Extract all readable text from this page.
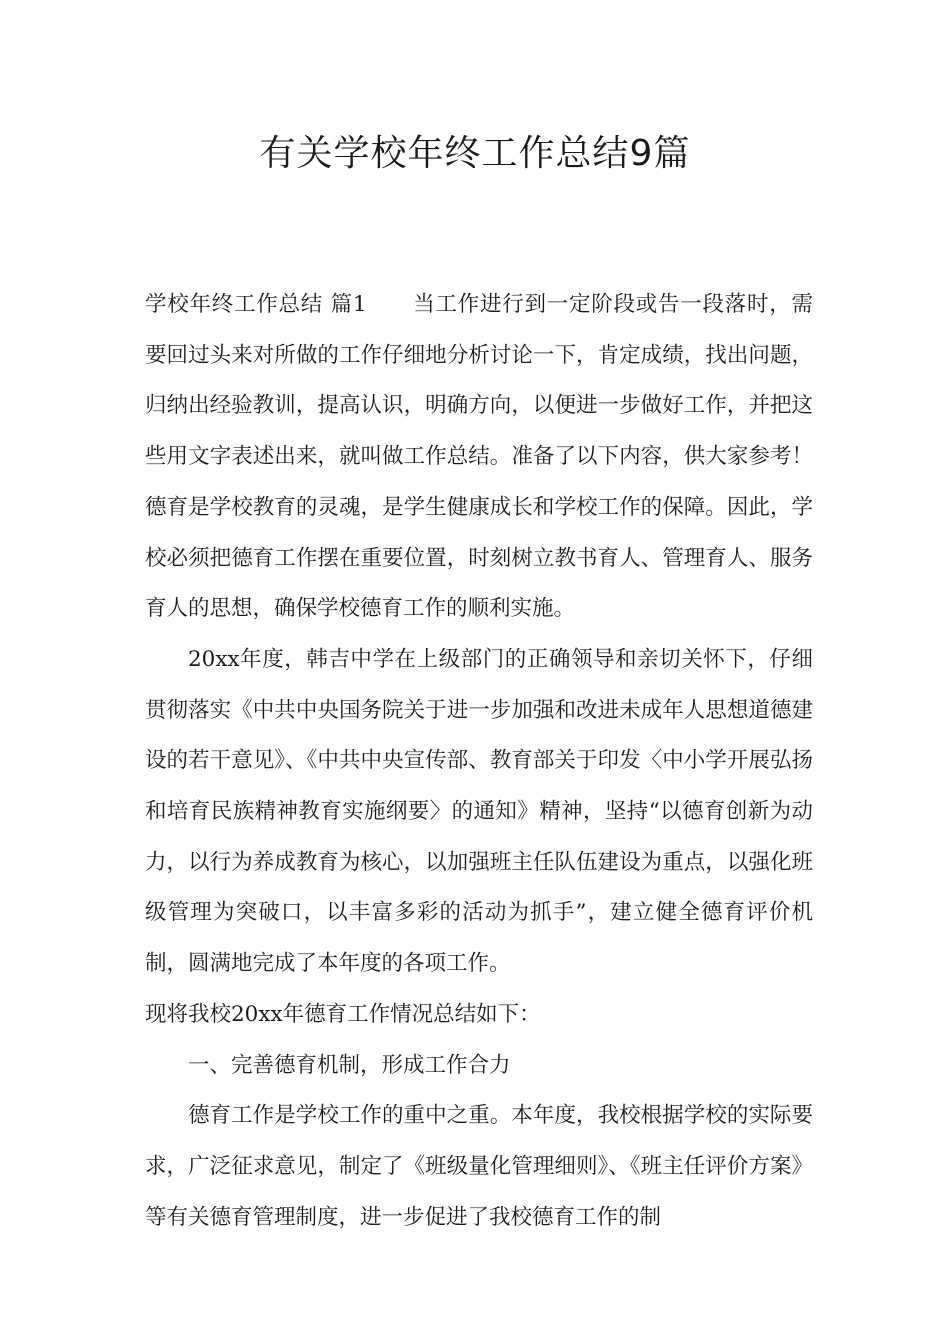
有关学校年终工作总结9篇

学校年终工作总结 篇1 当工作进行到一定阶段或告一段落时，需要回过头来对所做的工作仔细地分析讨论一下，肯定成绩，找出问题，归纳出经验教训，提高认识，明确方向，以便进一步做好工作，并把这些用文字表述出来，就叫做工作总结。准备了以下内容，供大家参考！德育是学校教育的灵魂，是学生健康成长和学校工作的保障。因此，学校必须把德育工作摆在重要位置，时刻树立教书育人、管理育人、服务育人的思想，确保学校德育工作的顺利实施。

20xx年度，韩吉中学在上级部门的正确领导和亲切关怀下，仔细贯彻落实《中共中央国务院关于进一步加强和改进未成年人思想道德建设的若干意见》、《中共中央宣传部、教育部关于印发〈中小学开展弘扬和培育民族精神教育实施纲要〉的通知》精神，坚持“以德育创新为动力，以行为养成教育为核心，以加强班主任队伍建设为重点，以强化班级管理为突破口，以丰富多彩的活动为抓手”，建立健全德育评价机制，圆满地完成了本年度的各项工作。

现将我校20xx年德育工作情况总结如下：

一、完善德育机制，形成工作合力

德育工作是学校工作的重中之重。本年度，我校根据学校的实际要求，广泛征求意见，制定了《班级量化管理细则》、《班主任评价方案》等有关德育管理制度，进一步促进了我校德育工作的制
